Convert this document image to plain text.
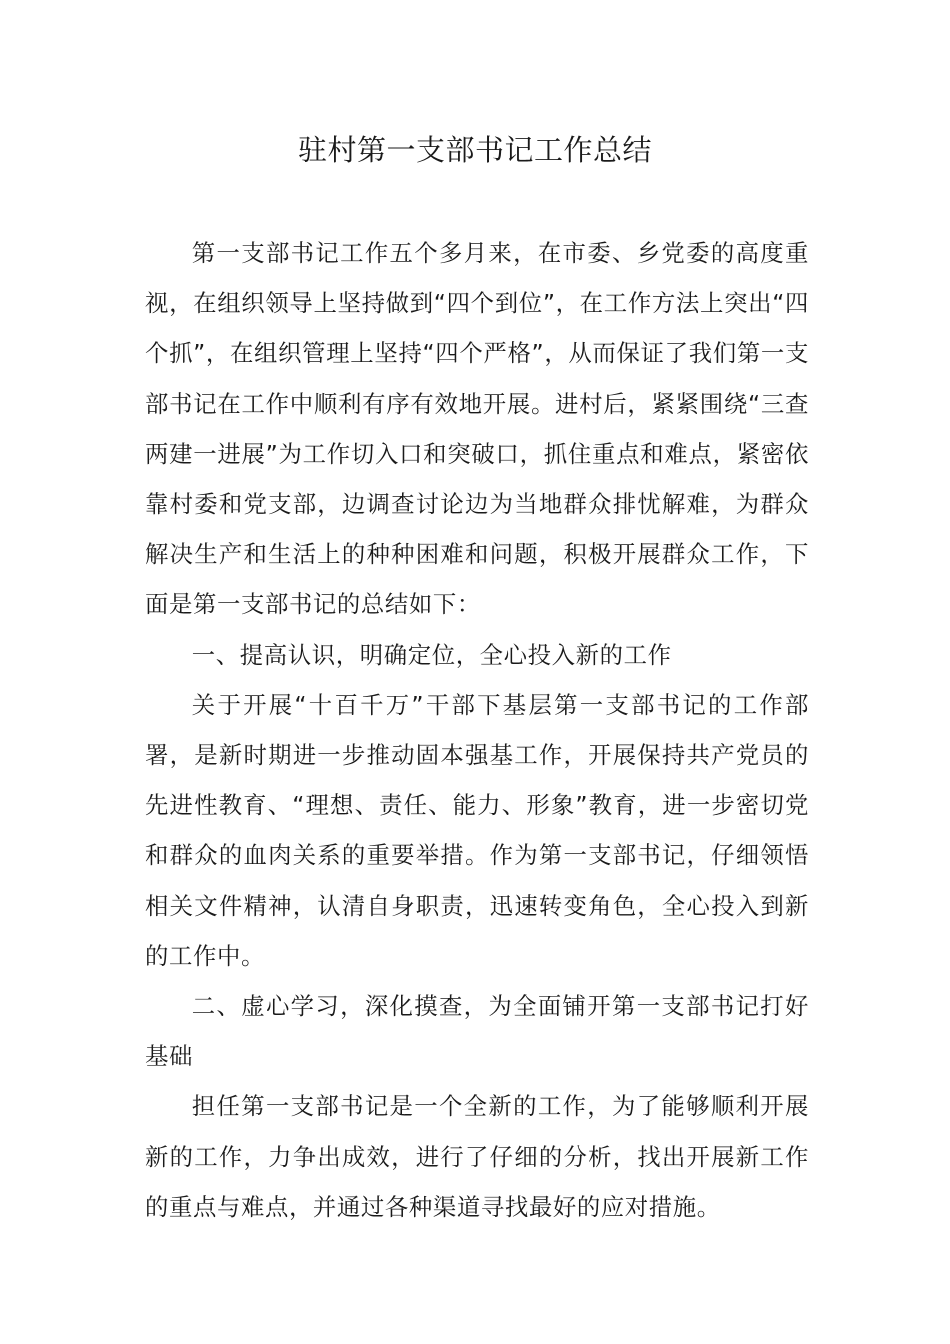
驻村第一支部书记工作总结

第一支部书记工作五个多月来，在市委、乡党委的高度重视，在组织领导上坚持做到“四个到位”，在工作方法上突出“四个抓”，在组织管理上坚持“四个严格”，从而保证了我们第一支部书记在工作中顺利有序有效地开展。进村后，紧紧围绕“三查两建一进展”为工作切入口和突破口，抓住重点和难点，紧密依靠村委和党支部，边调查讨论边为当地群众排忧解难，为群众解决生产和生活上的种种困难和问题，积极开展群众工作，下面是第一支部书记的总结如下：

一、提高认识，明确定位，全心投入新的工作

关于开展“十百千万”干部下基层第一支部书记的工作部署，是新时期进一步推动固本强基工作，开展保持共产党员的先进性教育、“理想、责任、能力、形象”教育，进一步密切党和群众的血肉关系的重要举措。作为第一支部书记，仔细领悟相关文件精神，认清自身职责，迅速转变角色，全心投入到新的工作中。

二、虚心学习，深化摸查，为全面铺开第一支部书记打好基础

担任第一支部书记是一个全新的工作，为了能够顺利开展新的工作，力争出成效，进行了仔细的分析，找出开展新工作的重点与难点，并通过各种渠道寻找最好的应对措施。
